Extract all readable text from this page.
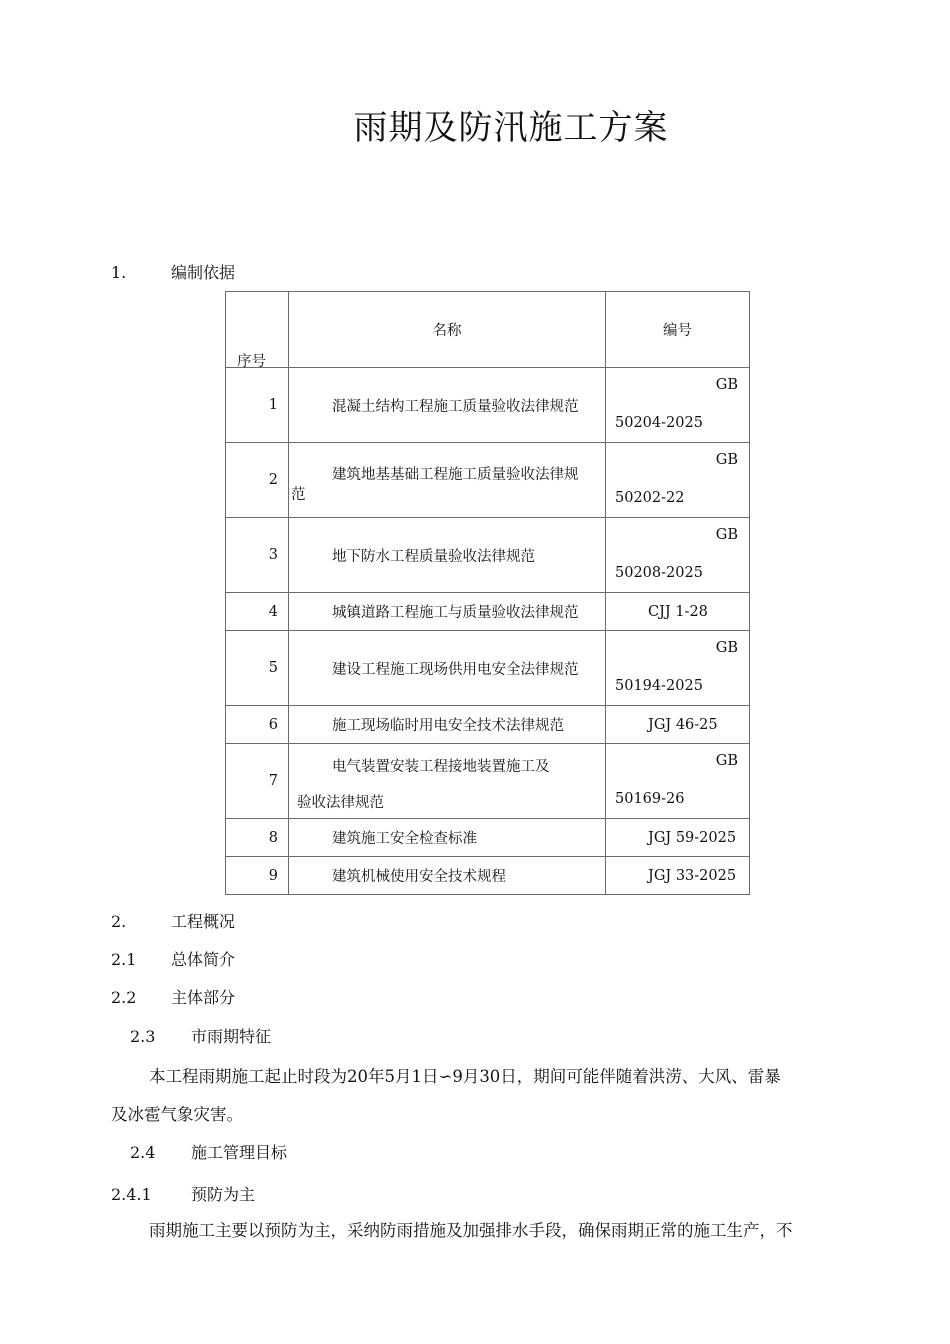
雨期及防汛施工方案
1.	编制依据
序号	名称	编号
1	混凝土结构工程施工质量验收法律规范	GB
50204-2025

2	建筑地基基础工程施工质量验收法律规
范	GB
50202-22

3	地下防水工程质量验收法律规范	GB
50208-2025

4	城镇道路工程施工与质量验收法律规范	CJJ 1-28
5	建设工程施工现场供用电安全法律规范	GB
50194-2025

6	施工现场临时用电安全技术法律规范	JGJ 46-25
7	电气装置安装工程接地装置施工及
验收法律规范	GB
50169-26

8	建筑施工安全检查标准	JGJ 59-2025
9	建筑机械使用安全技术规程	JGJ 33-2025
2.	工程概况
2.1 总体简介
2.2 主体部分
2.3 市雨期特征
本工程雨期施工起止时段为20年5月1日∽9月30日，期间可能伴随着洪涝、大风、雷暴
及冰雹气象灾害。
2.4 施工管理目标
2.4.1 预防为主
雨期施工主要以预防为主，采纳防雨措施及加强排水手段，确保雨期正常的施工生产，不
